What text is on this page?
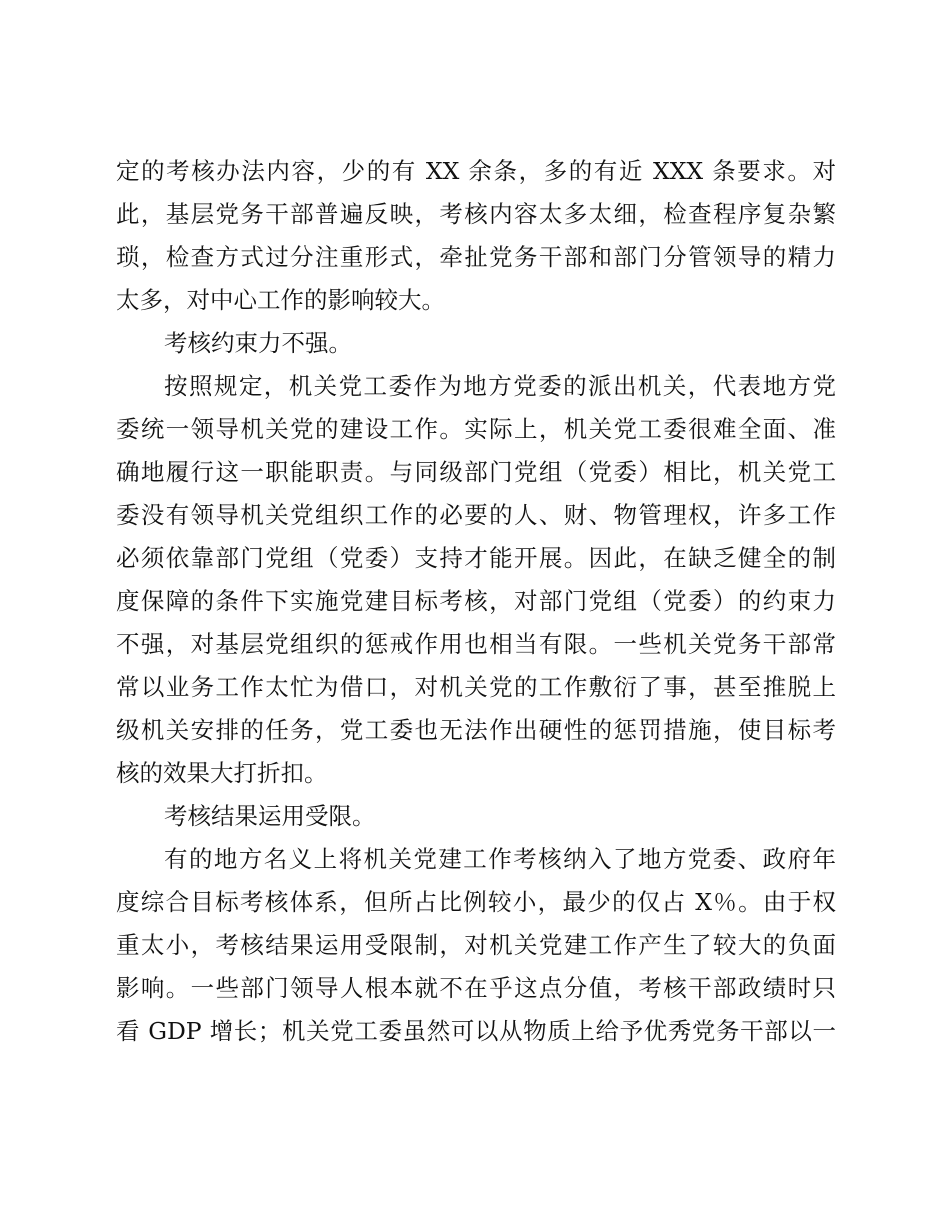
定的考核办法内容，少的有 XX 余条，多的有近 XXX 条要求。对
此，基层党务干部普遍反映，考核内容太多太细，检查程序复杂繁
琐，检查方式过分注重形式，牵扯党务干部和部门分管领导的精力
太多，对中心工作的影响较大。
考核约束力不强。
按照规定，机关党工委作为地方党委的派出机关，代表地方党
委统一领导机关党的建设工作。实际上，机关党工委很难全面、准
确地履行这一职能职责。与同级部门党组（党委）相比，机关党工
委没有领导机关党组织工作的必要的人、财、物管理权，许多工作
必须依靠部门党组（党委）支持才能开展。因此，在缺乏健全的制
度保障的条件下实施党建目标考核，对部门党组（党委）的约束力
不强，对基层党组织的惩戒作用也相当有限。一些机关党务干部常
常以业务工作太忙为借口，对机关党的工作敷衍了事，甚至推脱上
级机关安排的任务，党工委也无法作出硬性的惩罚措施，使目标考
核的效果大打折扣。
考核结果运用受限。
有的地方名义上将机关党建工作考核纳入了地方党委、政府年
度综合目标考核体系，但所占比例较小，最少的仅占 X％。由于权
重太小，考核结果运用受限制，对机关党建工作产生了较大的负面
影响。一些部门领导人根本就不在乎这点分值，考核干部政绩时只
看 GDP 增长；机关党工委虽然可以从物质上给予优秀党务干部以一
